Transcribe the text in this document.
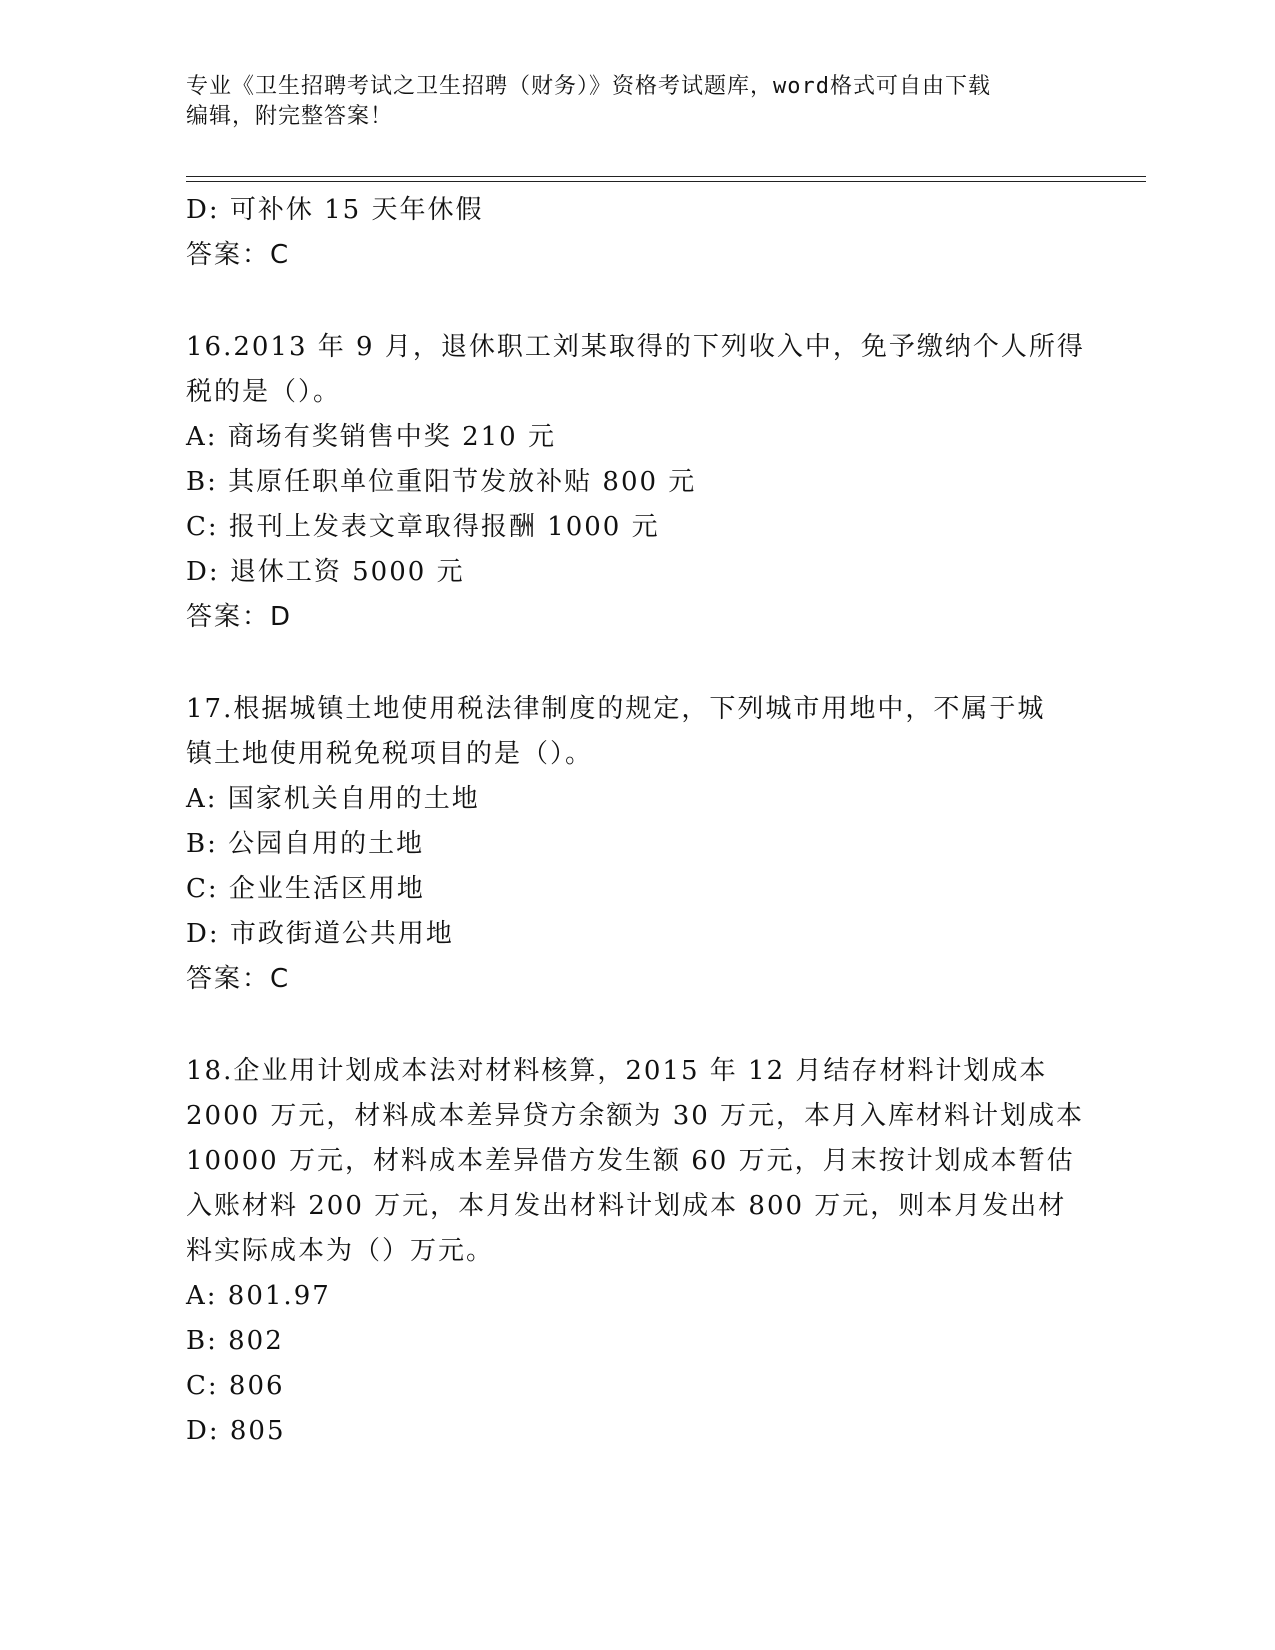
专业《卫生招聘考试之卫生招聘（财务）》资格考试题库，word格式可自由下载
编辑，附完整答案！
D: 可补休 15 天年休假
答案：C
16.2013 年 9 月，退休职工刘某取得的下列收入中，免予缴纳个人所得
税的是（）。
A: 商场有奖销售中奖 210 元
B: 其原任职单位重阳节发放补贴 800 元
C: 报刊上发表文章取得报酬 1000 元
D: 退休工资 5000 元
答案：D
17.根据城镇土地使用税法律制度的规定，下列城市用地中，不属于城
镇土地使用税免税项目的是（）。
A: 国家机关自用的土地
B: 公园自用的土地
C: 企业生活区用地
D: 市政街道公共用地
答案：C
18.企业用计划成本法对材料核算，2015 年 12 月结存材料计划成本
2000 万元，材料成本差异贷方余额为 30 万元，本月入库材料计划成本
10000 万元，材料成本差异借方发生额 60 万元，月末按计划成本暂估
入账材料 200 万元，本月发出材料计划成本 800 万元，则本月发出材
料实际成本为（）万元。
A: 801.97
B: 802
C: 806
D: 805
